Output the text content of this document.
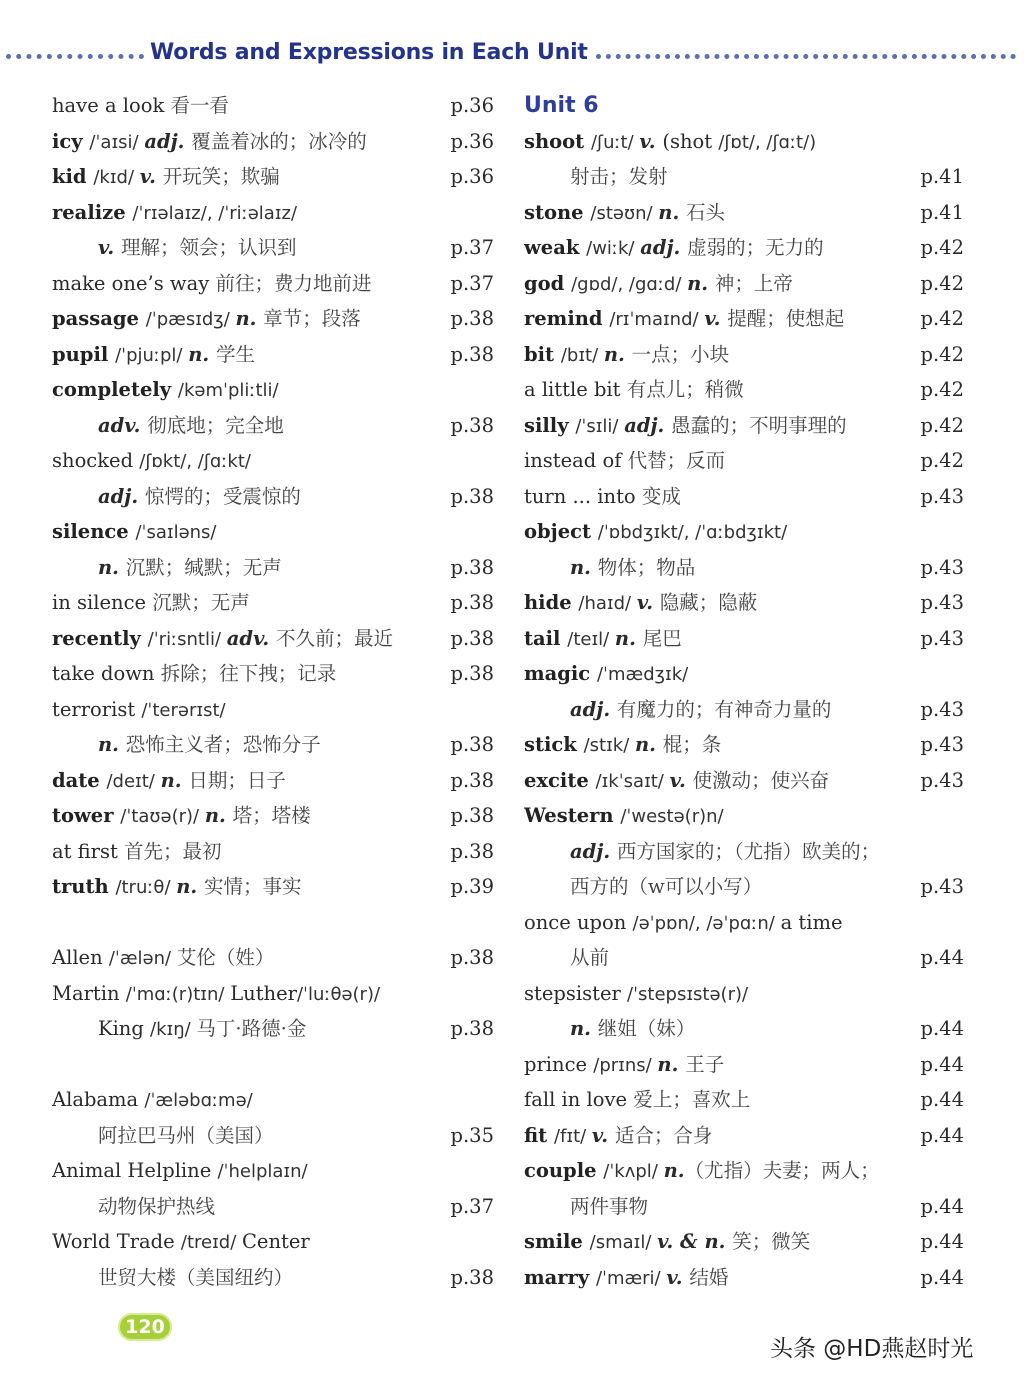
Words and Expressions in Each Unit
have a look 看一看	p.36
icy /ˈaɪsi/ adj. 覆盖着冰的；冰冷的	p.36
kid /kɪd/ v. 开玩笑；欺骗	p.36
realize /ˈrɪəlaɪz/, /ˈriːəlaɪz/
v. 理解；领会；认识到	p.37
make one’s way 前往；费力地前进	p.37
passage /ˈpæsɪdʒ/ n. 章节；段落	p.38
pupil /ˈpjuːpl/ n. 学生	p.38
completely /kəmˈpliːtli/
adv. 彻底地；完全地	p.38
shocked /ʃɒkt/, /ʃɑːkt/
adj. 惊愕的；受震惊的	p.38
silence /ˈsaɪləns/
n. 沉默；缄默；无声	p.38
in silence 沉默；无声	p.38
recently /ˈriːsntli/ adv. 不久前；最近	p.38
take down 拆除；往下拽；记录	p.38
terrorist /ˈterərɪst/
n. 恐怖主义者；恐怖分子	p.38
date /deɪt/ n. 日期；日子	p.38
tower /ˈtaʊə(r)/ n. 塔；塔楼	p.38
at first 首先；最初	p.38
truth /truːθ/ n. 实情；事实	p.39
Allen /ˈælən/ 艾伦（姓）	p.38
Martin /ˈmɑː(r)tɪn/ Luther/ˈluːθə(r)/
King /kɪŋ/ 马丁·路德·金	p.38
Alabama /ˈæləbɑːmə/
阿拉巴马州（美国）	p.35
Animal Helpline /ˈhelplaɪn/
动物保护热线	p.37
World Trade /treɪd/ Center
世贸大楼（美国纽约）	p.38
Unit 6
shoot /ʃuːt/ v. (shot /ʃɒt/, /ʃɑːt/)
射击；发射	p.41
stone /stəʊn/ n. 石头	p.41
weak /wiːk/ adj. 虚弱的；无力的	p.42
god /gɒd/, /gɑːd/ n. 神；上帝	p.42
remind /rɪˈmaɪnd/ v. 提醒；使想起	p.42
bit /bɪt/ n. 一点；小块	p.42
a little bit 有点儿；稍微	p.42
silly /ˈsɪli/ adj. 愚蠢的；不明事理的	p.42
instead of 代替；反而	p.42
turn ... into 变成	p.43
object /ˈɒbdʒɪkt/, /ˈɑːbdʒɪkt/
n. 物体；物品	p.43
hide /haɪd/ v. 隐藏；隐蔽	p.43
tail /teɪl/ n. 尾巴	p.43
magic /ˈmædʒɪk/
adj. 有魔力的；有神奇力量的	p.43
stick /stɪk/ n. 棍；条	p.43
excite /ɪkˈsaɪt/ v. 使激动；使兴奋	p.43
Western /ˈwestə(r)n/
adj. 西方国家的；（尤指）欧美的；
西方的（w可以小写）	p.43
once upon /əˈpɒn/, /əˈpɑːn/ a time
从前	p.44
stepsister /ˈstepsɪstə(r)/
n. 继姐（妹）	p.44
prince /prɪns/ n. 王子	p.44
fall in love 爱上；喜欢上	p.44
fit /fɪt/ v. 适合；合身	p.44
couple /ˈkʌpl/ n.（尤指）夫妻；两人；
两件事物	p.44
smile /smaɪl/ v. & n. 笑；微笑	p.44
marry /ˈmæri/ v. 结婚	p.44
120
头条 @HD燕赵时光
